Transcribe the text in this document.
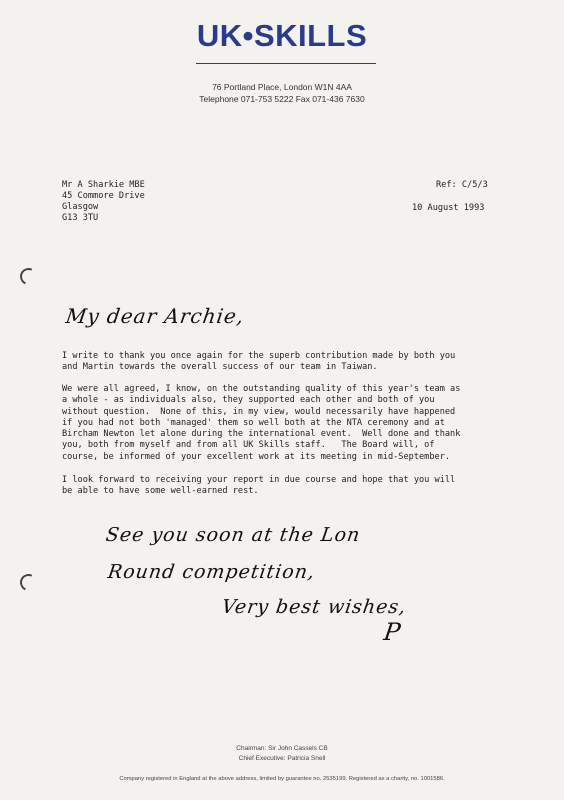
UK•SKILLS
76 Portland Place, London W1N 4AA
Telephone 071-753 5222 Fax 071-436 7630
Mr A Sharkie MBE
45 Commore Drive
Glasgow
G13 3TU
Ref: C/5/3
10 August 1993
My dear Archie,
I write to thank you once again for the superb contribution made by both you
and Martin towards the overall success of our team in Taiwan.
We were all agreed, I know, on the outstanding quality of this year's team as
a whole - as individuals also, they supported each other and both of you
without question.  None of this, in my view, would necessarily have happened
if you had not both 'managed' them so well both at the NTA ceremony and at
Bircham Newton let alone during the international event.  Well done and thank
you, both from myself and from all UK Skills staff.   The Board will, of
course, be informed of your excellent work at its meeting in mid-September.
I look forward to receiving your report in due course and hope that you will
be able to have some well-earned rest.
See you soon at the Lon
Round competition,
Very best wishes,
P
Chairman: Sir John Cassels CB
Chief Executive: Patricia Snell
Company registered in England at the above address, limited by guarantee no. 2535199. Registered as a charity, no. 1001586.
